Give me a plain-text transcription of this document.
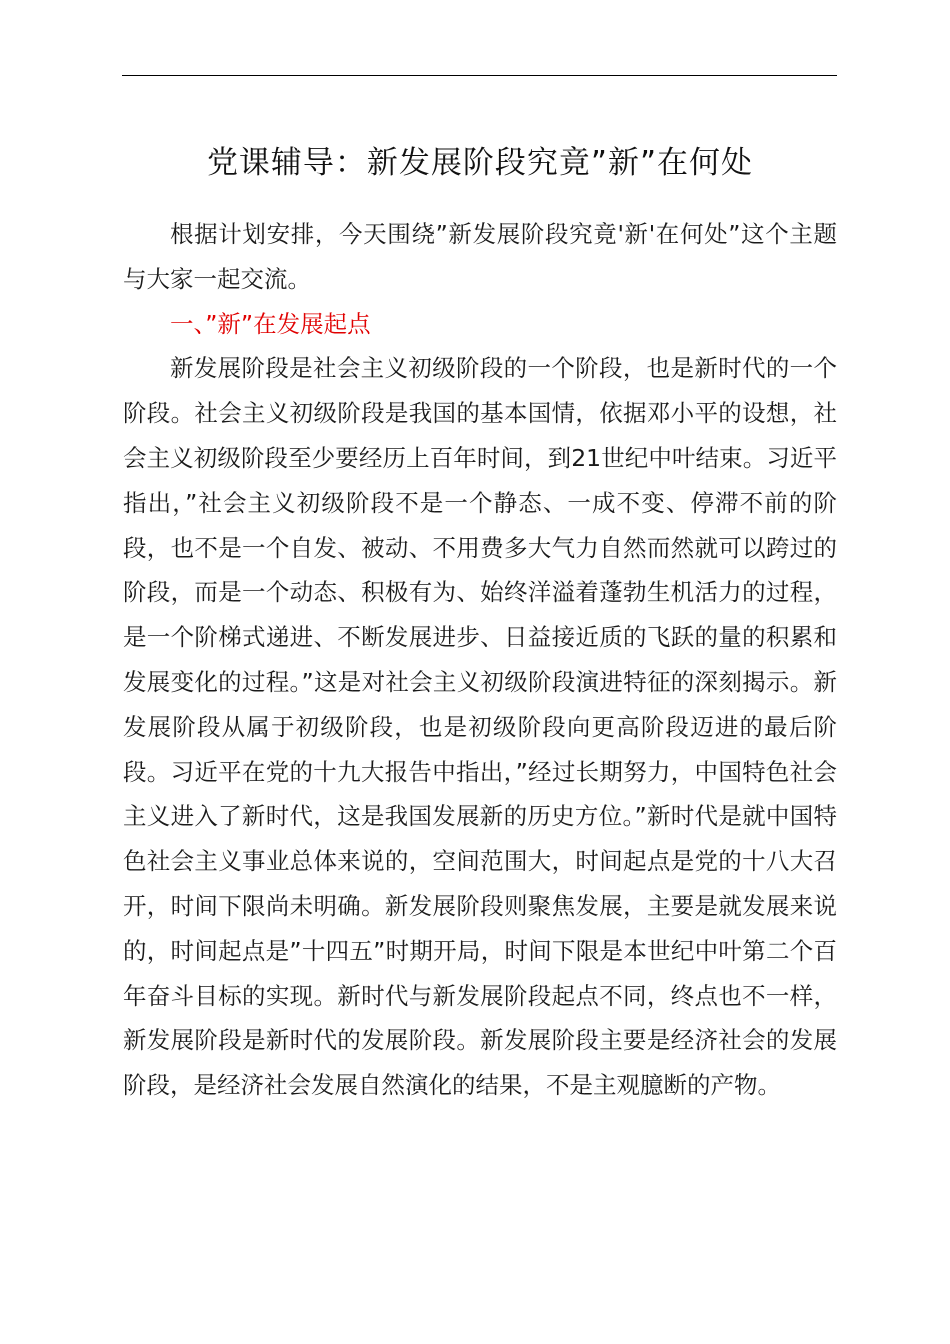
党课辅导：新发展阶段究竟”新”在何处

根据计划安排，今天围绕”新发展阶段究竟'新'在何处”这个主题与大家一起交流。

一、”新”在发展起点

新发展阶段是社会主义初级阶段的一个阶段，也是新时代的一个阶段。社会主义初级阶段是我国的基本国情，依据邓小平的设想，社会主义初级阶段至少要经历上百年时间，到21世纪中叶结束。习近平指出，”社会主义初级阶段不是一个静态、一成不变、停滞不前的阶段，也不是一个自发、被动、不用费多大气力自然而然就可以跨过的阶段，而是一个动态、积极有为、始终洋溢着蓬勃生机活力的过程，是一个阶梯式递进、不断发展进步、日益接近质的飞跃的量的积累和发展变化的过程。”这是对社会主义初级阶段演进特征的深刻揭示。新发展阶段从属于初级阶段，也是初级阶段向更高阶段迈进的最后阶段。习近平在党的十九大报告中指出，”经过长期努力，中国特色社会主义进入了新时代，这是我国发展新的历史方位。”新时代是就中国特色社会主义事业总体来说的，空间范围大，时间起点是党的十八大召开，时间下限尚未明确。新发展阶段则聚焦发展，主要是就发展来说的，时间起点是”十四五”时期开局，时间下限是本世纪中叶第二个百年奋斗目标的实现。新时代与新发展阶段起点不同，终点也不一样，新发展阶段是新时代的发展阶段。新发展阶段主要是经济社会的发展阶段，是经济社会发展自然演化的结果，不是主观臆断的产物。
